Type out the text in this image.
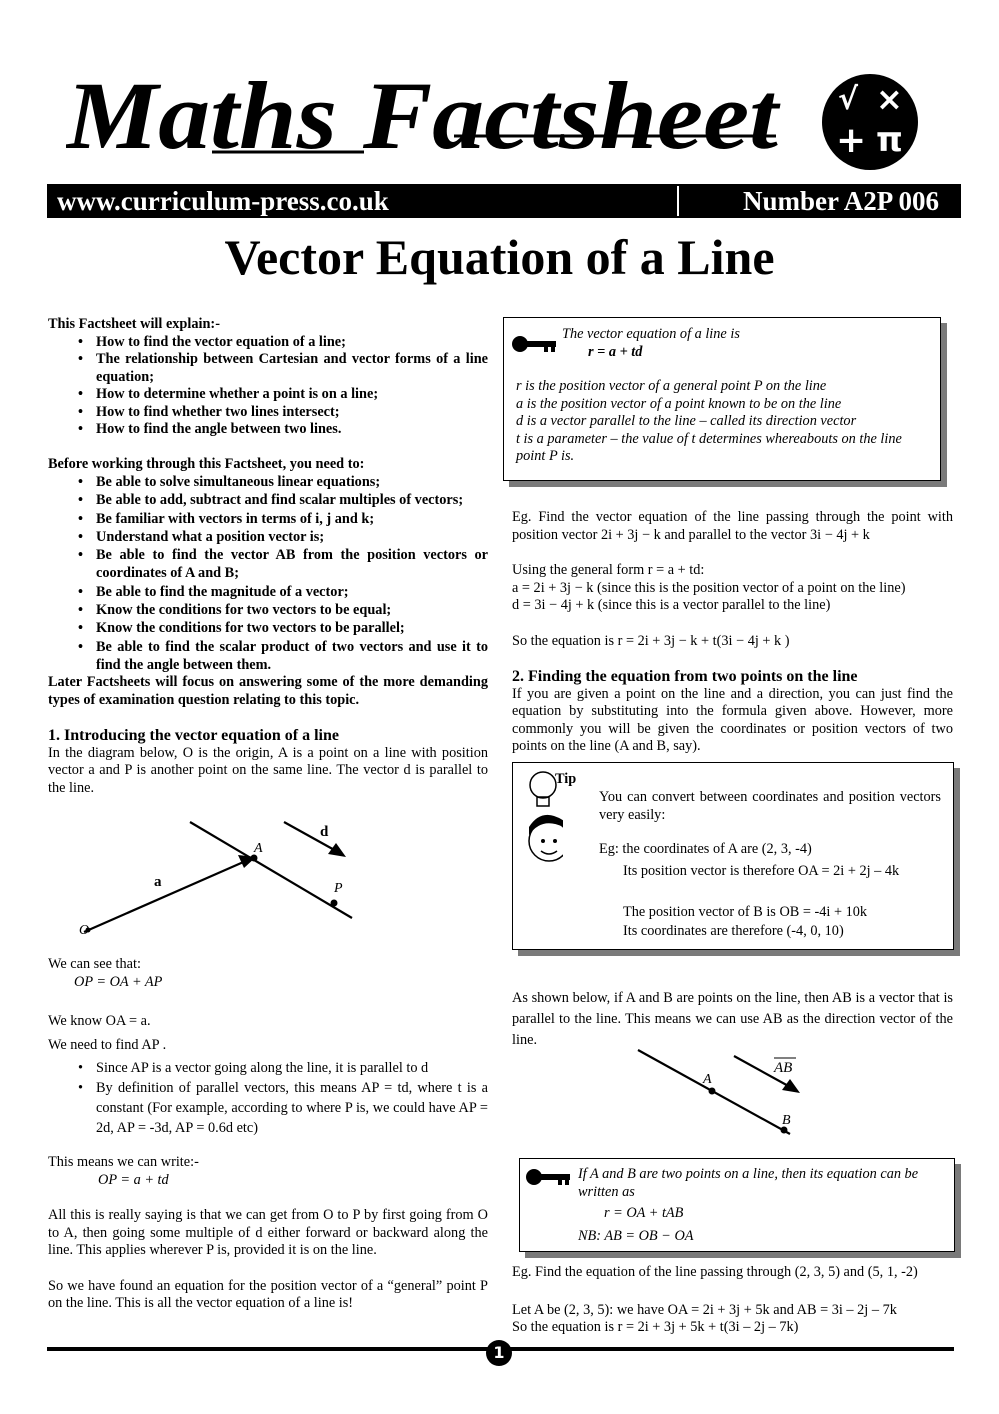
Maths Factsheet √ ×
+ π
www.curriculum-press.co.uk	Number A2P 006
Vector Equation of a Line

This Factsheet will explain:-

• How to find the vector equation of a line;
• The relationship between Cartesian and vector forms of a line equation;
• How to determine whether a point is on a line;
• How to find whether two lines intersect;
• How to find the angle between two lines.

Before working through this Factsheet, you need to:

• Be able to solve simultaneous linear equations;
• Be able to add, subtract and find scalar multiples of vectors;
• Be familiar with vectors in terms of i, j and k;
• Understand what a position vector is;
• Be able to find the vector AB from the position vectors or coordinates of A and B;
• Be able to find the magnitude of a vector;
• Know the conditions for two vectors to be equal;
• Know the conditions for two vectors to be parallel;
• Be able to find the scalar product of two vectors and use it to find the angle between them.

Later Factsheets will focus on answering some of the more demanding types of examination question relating to this topic.

1. Introducing the vector equation of a line

In the diagram below, O is the origin, A is a point on a line with position vector a and P is another point on the same line. The vector d is parallel to the line.

d
A
a	P
O

We can see that:

OP = OA + AP

We know OA = a.

We need to find AP .

• Since AP is a vector going along the line, it is parallel to d
• By definition of parallel vectors, this means AP = td, where t is a constant (For example, according to where P is, we could have AP = 2d, AP = -3d, AP = 0.6d etc)

This means we can write:-

OP = a + td

All this is really saying is that we can get from O to P by first going from O to A, then going some multiple of d either forward or backward along the line. This applies wherever P is, provided it is on the line.

So we have found an equation for the position vector of a “general” point P on the line. This is all the vector equation of a line is!

The vector equation of a line is

r = a + td

r is the position vector of a general point P on the line

a is the position vector of a point known to be on the line

d is a vector parallel to the line – called its direction vector

t is a parameter – the value of t determines whereabouts on the line point P is.

Eg. Find the vector equation of the line passing through the point with position vector 2i + 3j − k and parallel to the vector 3i − 4j + k

Using the general form r = a + td:

a = 2i + 3j − k (since this is the position vector of a point on the line)

d = 3i − 4j + k (since this is a vector parallel to the line)

So the equation is r = 2i + 3j − k + t(3i − 4j + k )

2. Finding the equation from two points on the line

If you are given a point on the line and a direction, you can just find the equation by substituting into the formula given above. However, more commonly you will be given the coordinates or position vectors of two points on the line (A and B, say).

Tip

You can convert between coordinates and position vectors very easily:

Eg: the coordinates of A are (2, 3, -4)

Its position vector is therefore OA = 2i + 2j – 4k

The position vector of B is OB = -4i + 10k

Its coordinates are therefore (-4, 0, 10)

As shown below, if A and B are points on the line, then AB is a vector that is parallel to the line. This means we can use AB as the direction vector of the line.

AB
A
B

If A and B are two points on a line, then its equation can be written as

r = OA + tAB

NB: AB = OB − OA

Eg. Find the equation of the line passing through (2, 3, 5) and (5, 1, -2)

Let A be (2, 3, 5): we have OA = 2i + 3j + 5k and AB = 3i – 2j – 7k

So the equation is r = 2i + 3j + 5k + t(3i – 2j – 7k)

1
